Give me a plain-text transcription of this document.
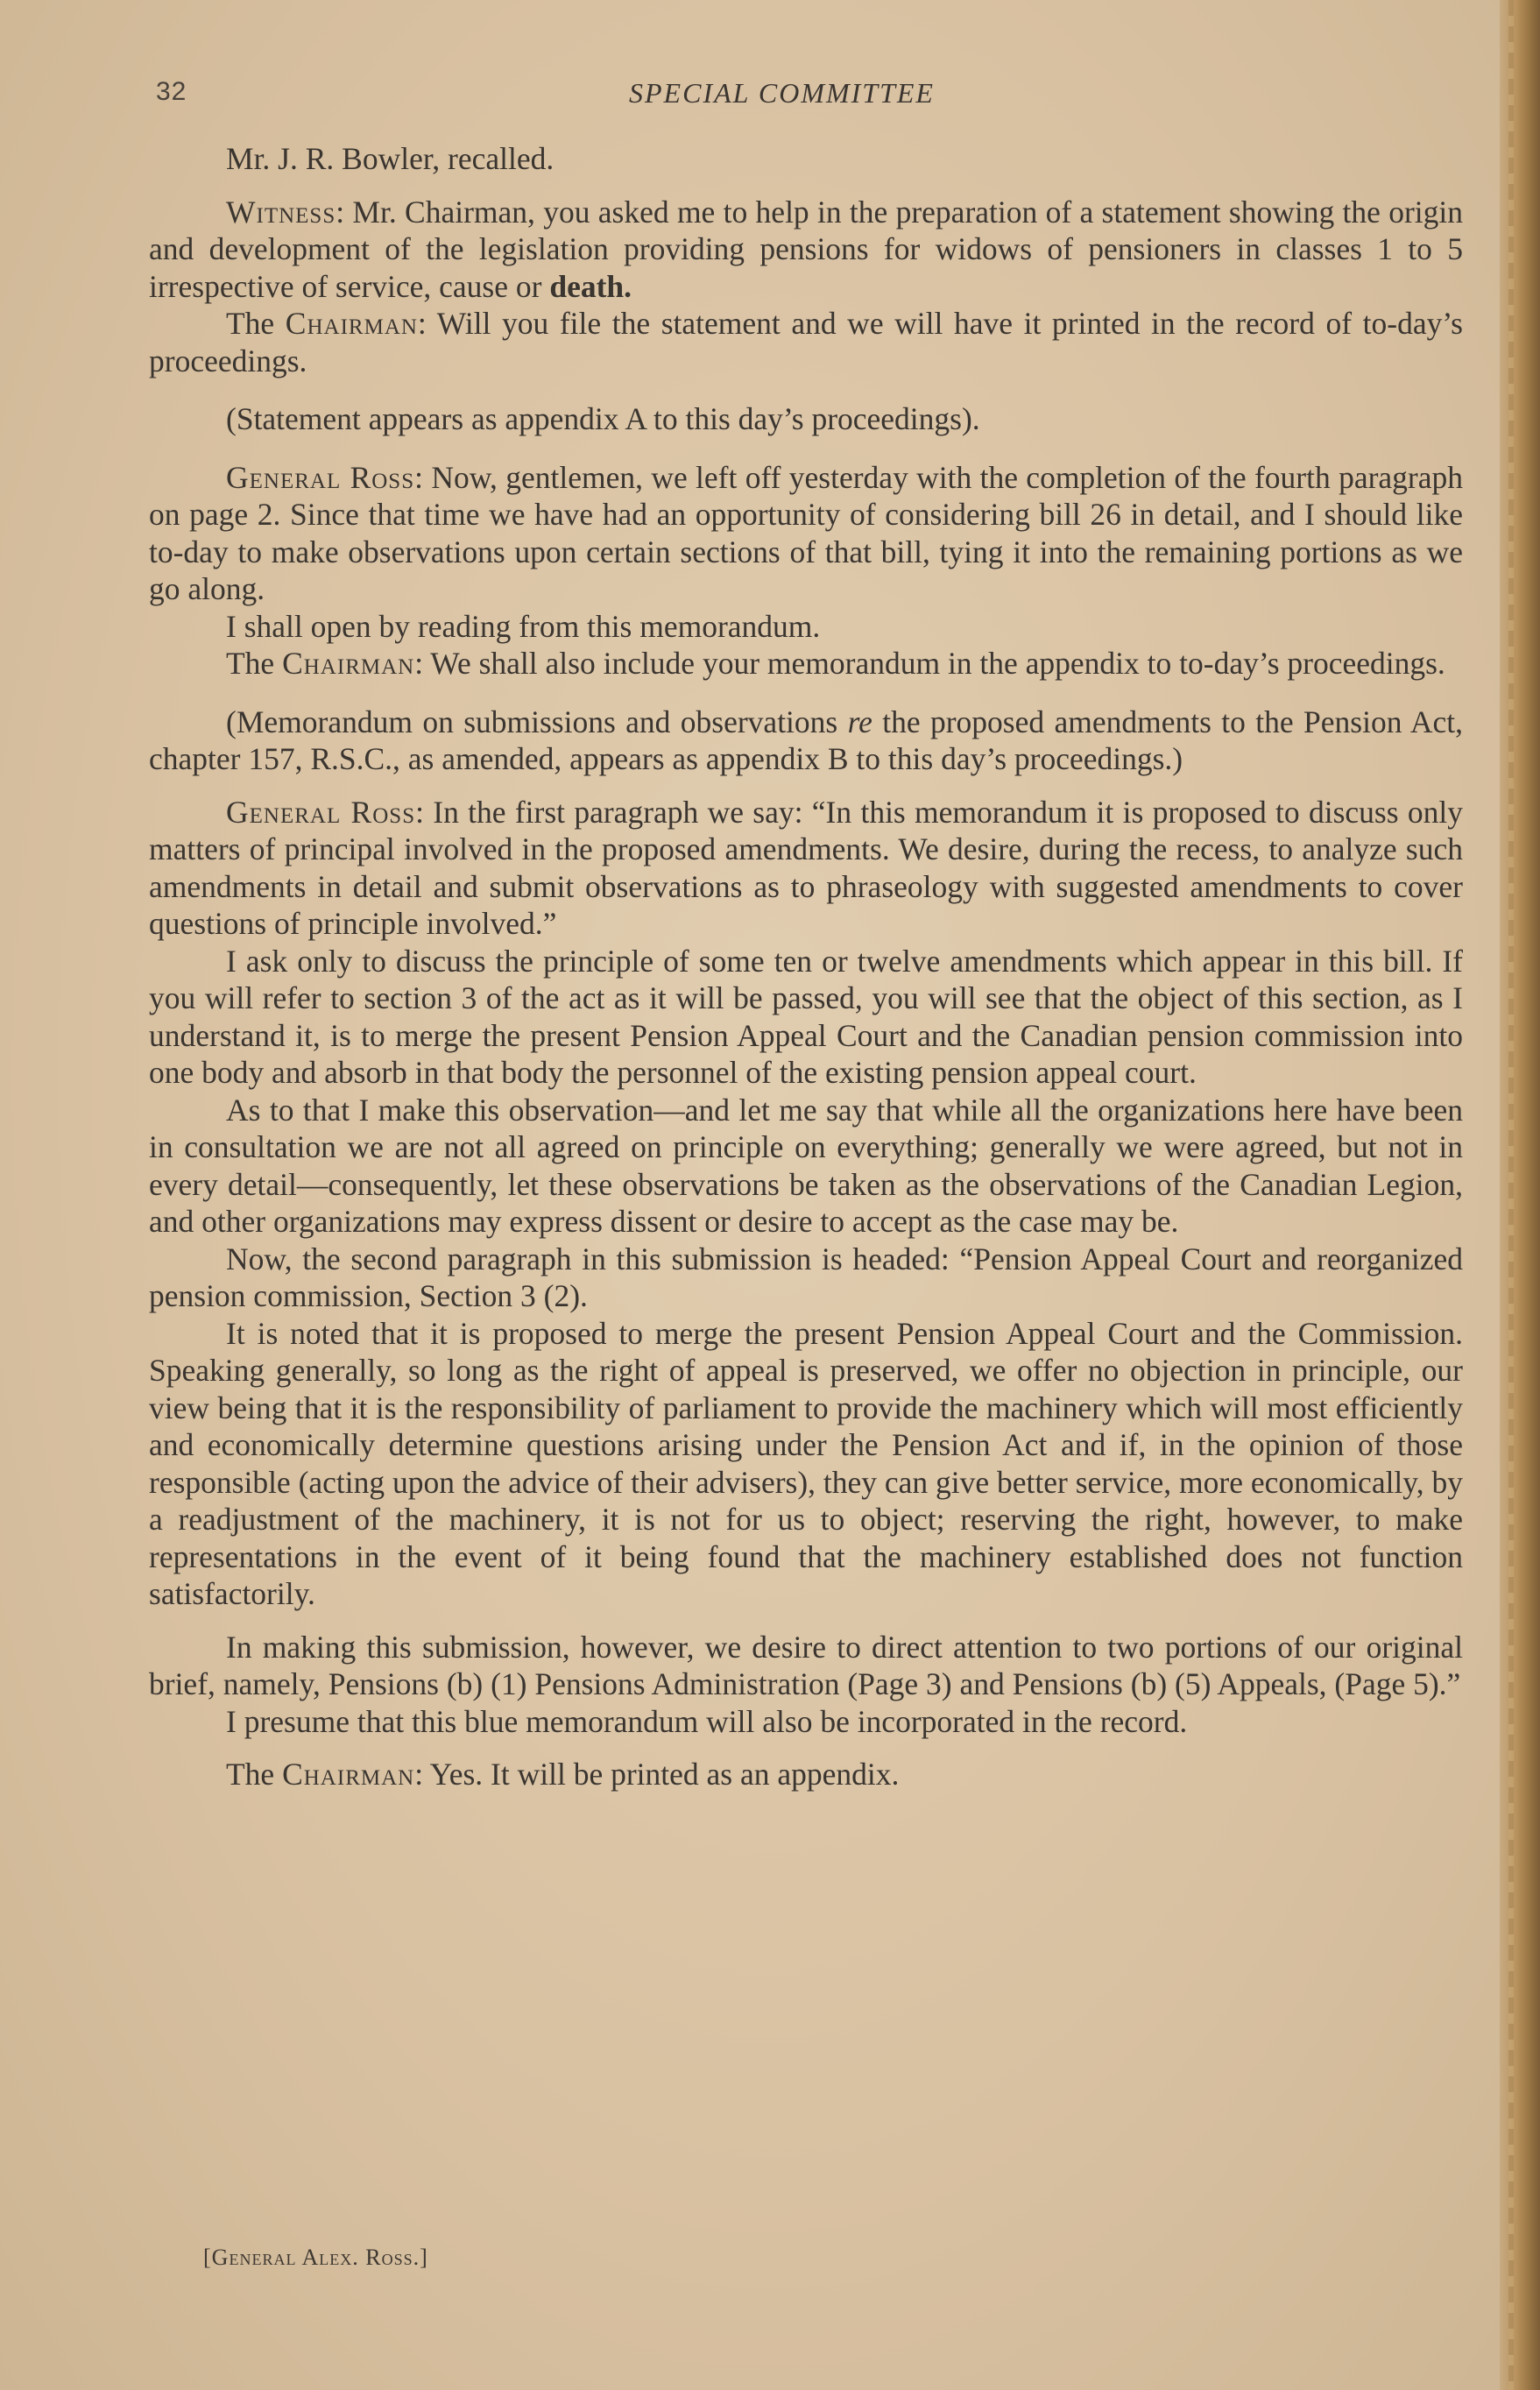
32	SPECIAL COMMITTEE

Mr. J. R. Bowler, recalled.

Witness: Mr. Chairman, you asked me to help in the preparation of a statement showing the origin and development of the legislation providing pensions for widows of pensioners in classes 1 to 5 irrespective of service, cause or death.

The Chairman: Will you file the statement and we will have it printed in the record of to-day’s proceedings.

(Statement appears as appendix A to this day’s proceedings).

General Ross: Now, gentlemen, we left off yesterday with the completion of the fourth paragraph on page 2. Since that time we have had an opportunity of considering bill 26 in detail, and I should like to-day to make observations upon certain sections of that bill, tying it into the remaining portions as we go along.

I shall open by reading from this memorandum.

The Chairman: We shall also include your memorandum in the appendix to to-day’s proceedings.

(Memorandum on submissions and observations re the proposed amendments to the Pension Act, chapter 157, R.S.C., as amended, appears as appendix B to this day’s proceedings.)

General Ross: In the first paragraph we say: “In this memorandum it is proposed to discuss only matters of principal involved in the proposed amendments. We desire, during the recess, to analyze such amendments in detail and submit observations as to phraseology with suggested amendments to cover questions of principle involved.”

I ask only to discuss the principle of some ten or twelve amendments which appear in this bill. If you will refer to section 3 of the act as it will be passed, you will see that the object of this section, as I understand it, is to merge the present Pension Appeal Court and the Canadian pension commission into one body and absorb in that body the personnel of the existing pension appeal court.

As to that I make this observation—and let me say that while all the organizations here have been in consultation we are not all agreed on principle on everything; generally we were agreed, but not in every detail—consequently, let these observations be taken as the observations of the Canadian Legion, and other organizations may express dissent or desire to accept as the case may be.

Now, the second paragraph in this submission is headed: “Pension Appeal Court and reorganized pension commission, Section 3 (2).

It is noted that it is proposed to merge the present Pension Appeal Court and the Commission. Speaking generally, so long as the right of appeal is preserved, we offer no objection in principle, our view being that it is the responsibility of parliament to provide the machinery which will most efficiently and economically determine questions arising under the Pension Act and if, in the opinion of those responsible (acting upon the advice of their advisers), they can give better service, more economically, by a readjustment of the machinery, it is not for us to object; reserving the right, however, to make representations in the event of it being found that the machinery established does not function satisfactorily.

In making this submission, however, we desire to direct attention to two portions of our original brief, namely, Pensions (b) (1) Pensions Administration (Page 3) and Pensions (b) (5) Appeals, (Page 5).”

I presume that this blue memorandum will also be incorporated in the record.

The Chairman: Yes. It will be printed as an appendix.

[General Alex. Ross.]
